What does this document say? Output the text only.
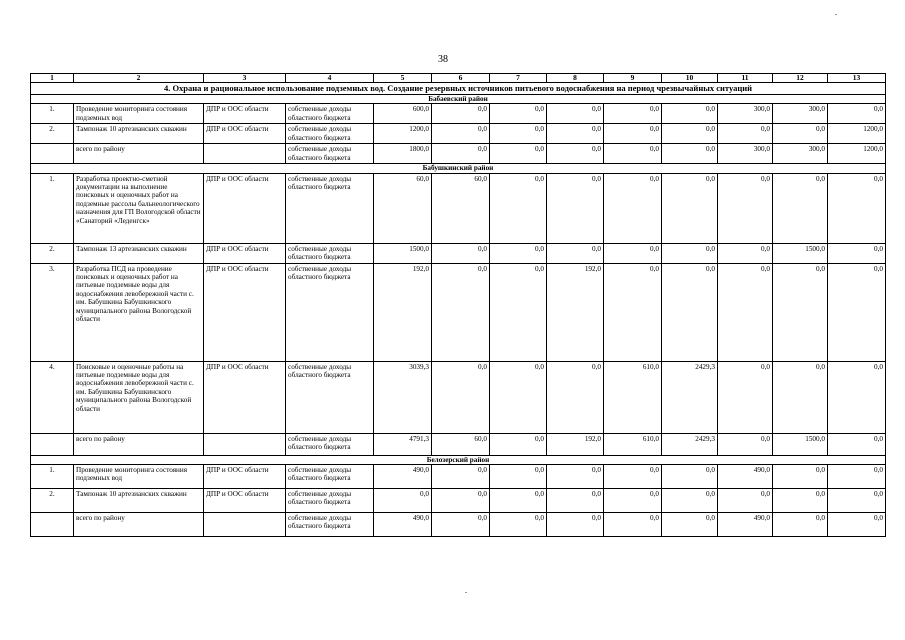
38
1	2	3	4	5	6	7	8	9	10	11	12	13
4. Охрана и рациональное использование подземных вод. Создание резервных источников питьевого водоснабжения на период чрезвычайных ситуаций												
Бабаевский район												
1.	Проведение мониторинга состояния подземных вод	ДПР и ООС области	собственные доходы областного бюджета	600,0	0,0	0,0	0,0	0,0	0,0	300,0	300,0	0,0
2.	Тампонаж 10 артезианских скважин	ДПР и ООС области	собственные доходы областного бюджета	1200,0	0,0	0,0	0,0	0,0	0,0	0,0	0,0	1200,0
	всего по району		собственные доходы областного бюджета	1800,0	0,0	0,0	0,0	0,0	0,0	300,0	300,0	1200,0
Бабушкинский район												
1.	Разработка проектно-сметной документации на выполнение поисковых и оценочных работ на подземные рассолы бальнеологического назначения для ГП Вологодской области «Санаторий «Леденгск»	ДПР и ООС области	собственные доходы областного бюджета	60,0	60,0	0,0	0,0	0,0	0,0	0,0	0,0	0,0
2.	Тампонаж 13 артезианских скважин	ДПР и ООС области	собственные доходы областного бюджета	1500,0	0,0	0,0	0,0	0,0	0,0	0,0	1500,0	0,0
3.	Разработка ПСД на проведение поисковых и оценочных работ на питьевые подземные воды для водоснабжения левобережной части с. им. Бабушкина Бабушкинского муниципального района Вологодской области	ДПР и ООС области	собственные доходы областного бюджета	192,0	0,0	0,0	192,0	0,0	0,0	0,0	0,0	0,0
4.	Поисковые и оценочные работы на питьевые подземные воды для водоснабжения левобережной части с. им. Бабушкина Бабушкинского муниципального района Вологодской области	ДПР и ООС области	собственные доходы областного бюджета	3039,3	0,0	0,0	0,0	610,0	2429,3	0,0	0,0	0,0
	всего по району		собственные доходы областного бюджета	4791,3	60,0	0,0	192,0	610,0	2429,3	0,0	1500,0	0,0
Белозерский район												
1.	Проведение мониторинга состояния подземных вод	ДПР и ООС области	собственные доходы областного бюджета	490,0	0,0	0,0	0,0	0,0	0,0	490,0	0,0	0,0
2.	Тампонаж 10 артезианских скважин	ДПР и ООС области	собственные доходы областного бюджета	0,0	0,0	0,0	0,0	0,0	0,0	0,0	0,0	0,0
	всего по району		собственные доходы областного бюджета	490,0	0,0	0,0	0,0	0,0	0,0	490,0	0,0	0,0
